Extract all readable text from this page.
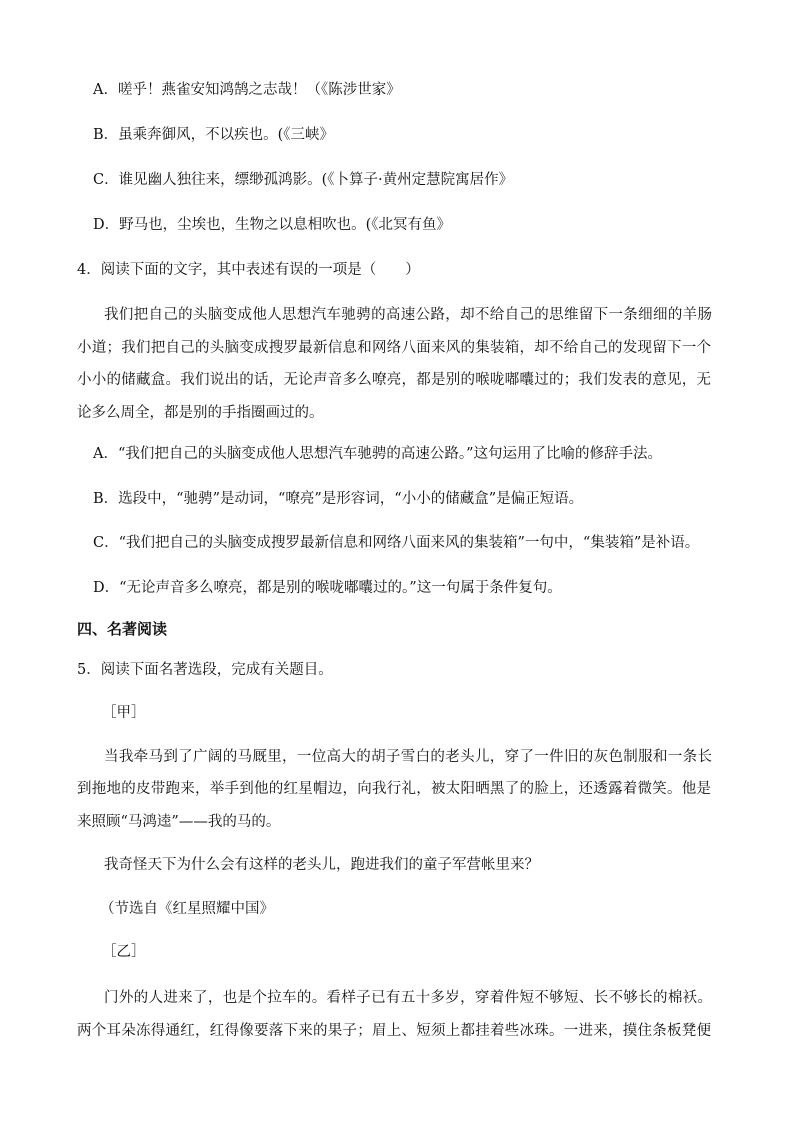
A．嗟乎！燕雀安知鸿鹄之志哉！（《陈涉世家》
B．虽乘奔御风，不以疾也。(《三峡》
C．谁见幽人独往来，缥缈孤鸿影。(《卜算子·黄州定慧院寓居作》
D．野马也，尘埃也，生物之以息相吹也。(《北冥有鱼》
4．阅读下面的文字，其中表述有误的一项是（　　）
我们把自己的头脑变成他人思想汽车驰骋的高速公路，却不给自己的思维留下一条细细的羊肠
小道；我们把自己的头脑变成搜罗最新信息和网络八面来风的集装箱，却不给自己的发现留下一个
小小的储藏盒。我们说出的话，无论声音多么嘹亮，都是别的喉咙嘟囔过的；我们发表的意见，无
论多么周全，都是别的手指圈画过的。
A．“我们把自己的头脑变成他人思想汽车驰骋的高速公路。”这句运用了比喻的修辞手法。
B．选段中，“驰骋”是动词，“嘹亮”是形容词，“小小的储藏盒”是偏正短语。
C．“我们把自己的头脑变成搜罗最新信息和网络八面来风的集装箱”一句中，“集装箱”是补语。
D．“无论声音多么嘹亮，都是别的喉咙嘟囔过的。”这一句属于条件复句。
四、名著阅读
5．阅读下面名著选段，完成有关题目。
［甲］
当我牵马到了广阔的马厩里，一位高大的胡子雪白的老头儿，穿了一件旧的灰色制服和一条长
到拖地的皮带跑来，举手到他的红星帽边，向我行礼，被太阳晒黑了的脸上，还透露着微笑。他是
来照顾“马鸿逵”——我的马的。
我奇怪天下为什么会有这样的老头儿，跑进我们的童子军营帐里来？
（节选自《红星照耀中国》
［乙］
门外的人进来了，也是个拉车的。看样子已有五十多岁，穿着件短不够短、长不够长的棉袄。
两个耳朵冻得通红，红得像要落下来的果子；眉上、短须上都挂着些冰珠。一进来，摸住条板凳便
